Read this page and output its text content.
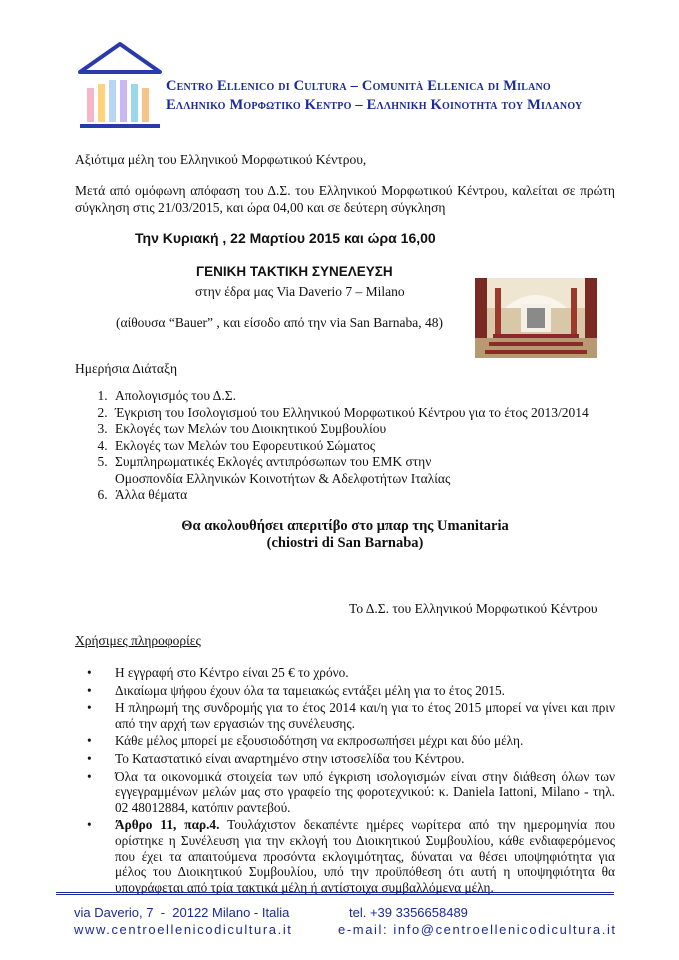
Centro Ellenico di Cultura – Comunità Ellenica di Milano
Ελληνικο Μορφωτικο Κεντρο – Ελληνικη Κοινοτητα του Μιλανου
Αξιότιμα μέλη του Ελληνικού Μορφωτικού Κέντρου,
Μετά από ομόφωνη απόφαση του Δ.Σ. του Ελληνικού Μορφωτικού Κέντρου, καλείται σε πρώτη σύγκληση στις 21/03/2015, και ώρα 04,00 και σε δεύτερη σύγκληση
Την Κυριακή , 22 Μαρτίου 2015 και ώρα 16,00
ΓΕΝΙΚΗ ΤΑΚΤΙΚΗ ΣΥΝΕΛΕΥΣΗ
στην έδρα μας Via Daverio 7 – Milano
(αίθουσα “Bauer” , και είσοδο από την via San Barnaba, 48)
Ημερήσια Διάταξη
1. Απολογισμός του Δ.Σ.
2. Έγκριση του Ισολογισμού του Ελληνικού Μορφωτικού Κέντρου για το έτος 2013/2014
3. Εκλογές των Μελών του Διοικητικού Συμβουλίου
4. Εκλογές των Μελών του Εφορευτικού Σώματος
5. Συμπληρωματικές Εκλογές αντιπρόσωπων του ΕΜΚ στην Ομοσπονδία Ελληνικών Κοινοτήτων & Αδελφοτήτων Ιταλίας
6. Άλλα θέματα
Θα ακολουθήσει απεριτίβο στο μπαρ της Umanitaria
(chiostri di San Barnaba)
Το Δ.Σ. του Ελληνικού Μορφωτικού Κέντρου
Χρήσιμες πληροφορίες
• Η εγγραφή στο Κέντρο είναι 25 € το χρόνο.
• Δικαίωμα ψήφου έχουν όλα τα ταμειακώς εντάξει μέλη για το έτος 2015.
• Η πληρωμή της συνδρομής για το έτος 2014 και/η για το έτος 2015 μπορεί να γίνει και πριν από την αρχή των εργασιών της συνέλευσης.
• Κάθε μέλος μπορεί με εξουσιοδότηση να εκπροσωπήσει μέχρι και δύο μέλη.
• Το Καταστατικό είναι αναρτημένο στην ιστοσελίδα του Κέντρου.
• Όλα τα οικονομικά στοιχεία των υπό έγκριση ισολογισμών είναι στην διάθεση όλων των εγγεγραμμένων μελών μας στο γραφείο της φοροτεχνικού: κ. Daniela Iattoni, Milano - τηλ. 02 48012884, κατόπιν ραντεβού.
• Άρθρο 11, παρ.4. Τουλάχιστον δεκαπέντε ημέρες νωρίτερα από την ημερομηνία που ορίστηκε η Συνέλευση για την εκλογή του Διοικητικού Συμβουλίου, κάθε ενδιαφερόμενος που έχει τα απαιτούμενα προσόντα εκλογιμότητας, δύναται να θέσει υποψηφιότητα για μέλος του Διοικητικού Συμβουλίου, υπό την προϋπόθεση ότι αυτή η υποψηφιότητα θα υπογράφεται από τρία τακτικά μέλη ή αντίστοιχα συμβαλλόμενα μέλη.
via Daverio, 7  -  20122 Milano - Italia	tel. +39 3356658489
www.centroellenicodicultura.it	e-mail: info@centroellenicodicultura.it
